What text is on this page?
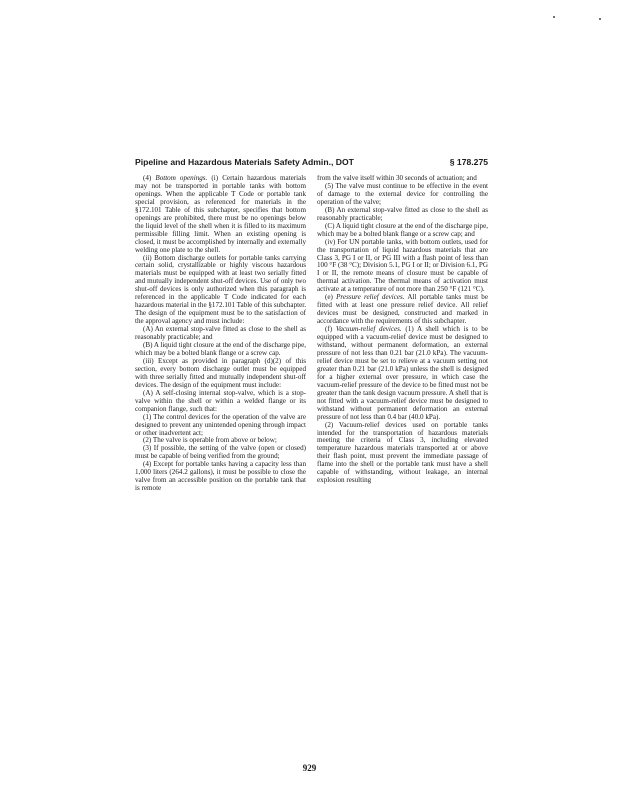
Pipeline and Hazardous Materials Safety Admin., DOT	§ 178.275

(4) Bottom openings. (i) Certain hazardous materials may not be transported in portable tanks with bottom openings. When the applicable T Code or portable tank special provision, as referenced for materials in the §172.101 Table of this subchapter, specifies that bottom openings are prohibited, there must be no openings below the liquid level of the shell when it is filled to its maximum permissible filling limit. When an existing opening is closed, it must be accomplished by internally and externally welding one plate to the shell.

(ii) Bottom discharge outlets for portable tanks carrying certain solid, crystallizable or highly viscous hazardous materials must be equipped with at least two serially fitted and mutually independent shut-off devices. Use of only two shut-off devices is only authorized when this paragraph is referenced in the applicable T Code indicated for each hazardous material in the §172.101 Table of this subchapter. The design of the equipment must be to the satisfaction of the approval agency and must include:

(A) An external stop-valve fitted as close to the shell as reasonably practicable; and

(B) A liquid tight closure at the end of the discharge pipe, which may be a bolted blank flange or a screw cap.

(iii) Except as provided in paragraph (d)(2) of this section, every bottom discharge outlet must be equipped with three serially fitted and mutually independent shut-off devices. The design of the equipment must include:

(A) A self-closing internal stop-valve, which is a stop-valve within the shell or within a welded flange or its companion flange, such that:

(1) The control devices for the operation of the valve are designed to prevent any unintended opening through impact or other inadvertent act;

(2) The valve is operable from above or below;

(3) If possible, the setting of the valve (open or closed) must be capable of being verified from the ground;

(4) Except for portable tanks having a capacity less than 1,000 liters (264.2 gallons), it must be possible to close the valve from an accessible position on the portable tank that is remote

from the valve itself within 30 seconds of actuation; and

(5) The valve must continue to be effective in the event of damage to the external device for controlling the operation of the valve;

(B) An external stop-valve fitted as close to the shell as reasonably practicable;

(C) A liquid tight closure at the end of the discharge pipe, which may be a bolted blank flange or a screw cap; and

(iv) For UN portable tanks, with bottom outlets, used for the transportation of liquid hazardous materials that are Class 3, PG I or II, or PG III with a flash point of less than 100 °F (38 °C); Division 5.1, PG I or II; or Division 6.1, PG I or II, the remote means of closure must be capable of thermal activation. The thermal means of activation must activate at a temperature of not more than 250 °F (121 °C).

(e) Pressure relief devices. All portable tanks must be fitted with at least one pressure relief device. All relief devices must be designed, constructed and marked in accordance with the requirements of this subchapter.

(f) Vacuum-relief devices. (1) A shell which is to be equipped with a vacuum-relief device must be designed to withstand, without permanent deformation, an external pressure of not less than 0.21 bar (21.0 kPa). The vacuum-relief device must be set to relieve at a vacuum setting not greater than 0.21 bar (21.0 kPa) unless the shell is designed for a higher external over pressure, in which case the vacuum-relief pressure of the device to be fitted must not be greater than the tank design vacuum pressure. A shell that is not fitted with a vacuum-relief device must be designed to withstand without permanent deformation an external pressure of not less than 0.4 bar (40.0 kPa).

(2) Vacuum-relief devices used on portable tanks intended for the transportation of hazardous materials meeting the criteria of Class 3, including elevated temperature hazardous materials transported at or above their flash point, must prevent the immediate passage of flame into the shell or the portable tank must have a shell capable of withstanding, without leakage, an internal explosion resulting

929
